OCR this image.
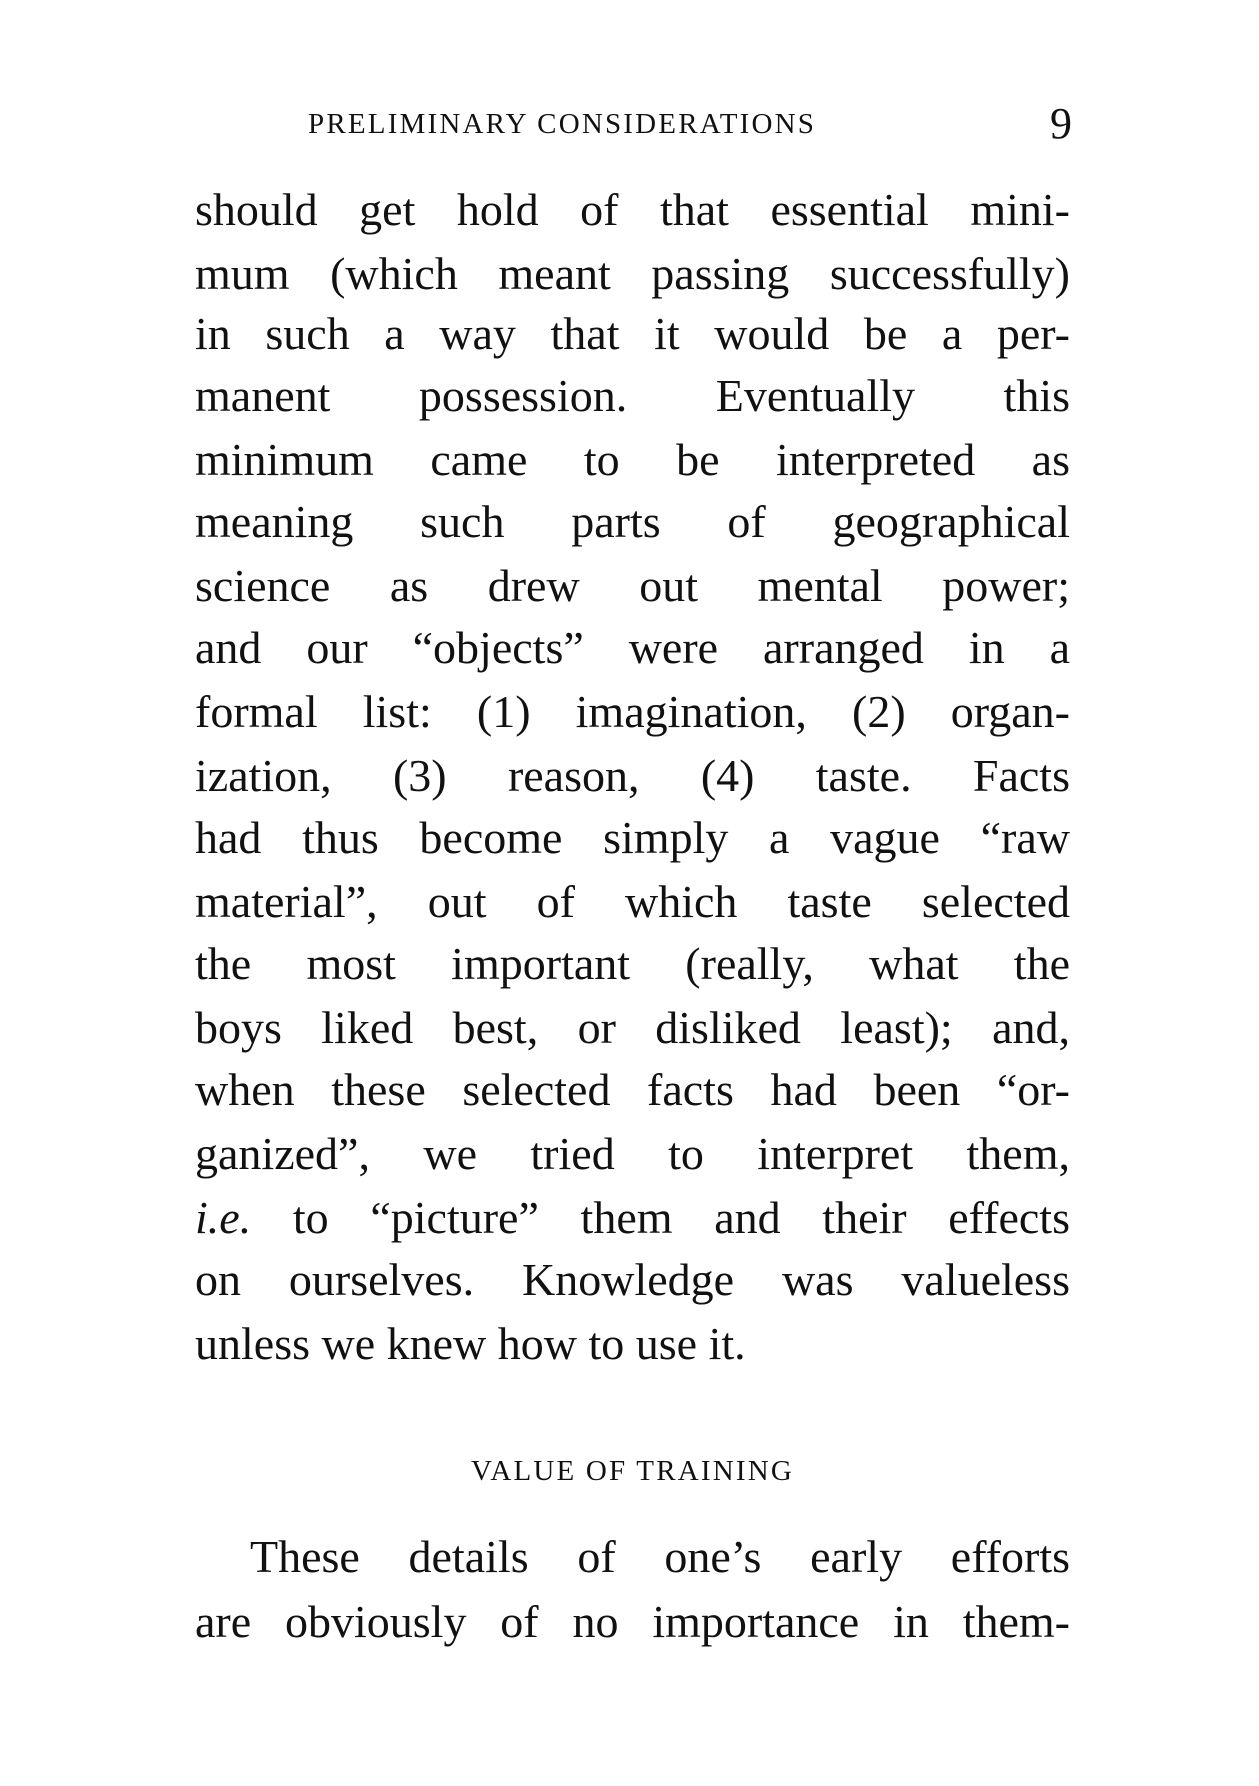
PRELIMINARY CONSIDERATIONS	9
should get hold of that essential mini-
mum (which meant passing successfully)
in such a way that it would be a per-
manent possession. Eventually this
minimum came to be interpreted as
meaning such parts of geographical
science as drew out mental power;
and our “objects” were arranged in a
formal list: (1) imagination, (2) organ-
ization, (3) reason, (4) taste. Facts
had thus become simply a vague “raw
material”, out of which taste selected
the most important (really, what the
boys liked best, or disliked least); and,
when these selected facts had been “or-
ganized”, we tried to interpret them,
i.e. to “picture” them and their effects
on ourselves. Knowledge was valueless
unless we knew how to use it.
VALUE OF TRAINING
These details of one’s early efforts
are obviously of no importance in them-
